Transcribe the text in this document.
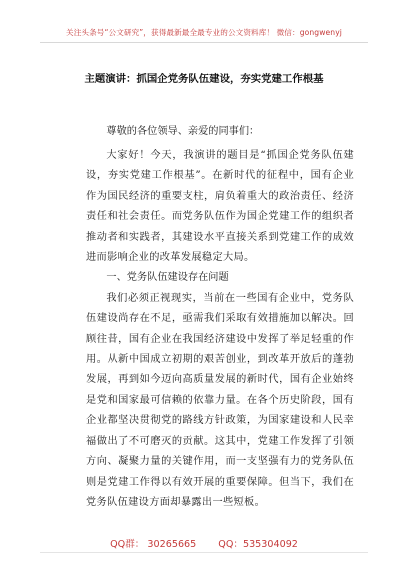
关注头条号“公文研究”，获得最新最全最专业的公文资料库！ 微信：gongwenyj
主题演讲：抓国企党务队伍建设，夯实党建工作根基

尊敬的各位领导、亲爱的同事们：

大家好！今天，我演讲的题目是“抓国企党务队伍建设，夯实党建工作根基”。在新时代的征程中，国有企业作为国民经济的重要支柱，肩负着重大的政治责任、经济责任和社会责任。而党务队伍作为国企党建工作的组织者推动者和实践者，其建设水平直接关系到党建工作的成效进而影响企业的改革发展稳定大局。

一、党务队伍建设存在问题

我们必须正视现实，当前在一些国有企业中，党务队伍建设尚存在不足，亟需我们采取有效措施加以解决。回顾往昔，国有企业在我国经济建设中发挥了举足轻重的作用。从新中国成立初期的艰苦创业，到改革开放后的蓬勃发展，再到如今迈向高质量发展的新时代，国有企业始终是党和国家最可信赖的依靠力量。在各个历史阶段，国有企业都坚决贯彻党的路线方针政策，为国家建设和人民幸福做出了不可磨灭的贡献。这其中，党建工作发挥了引领方向、凝聚力量的关键作用，而一支坚强有力的党务队伍则是党建工作得以有效开展的重要保障。但当下，我们在党务队伍建设方面却暴露出一些短板。

QQ群： 30265665 QQ：535304092
